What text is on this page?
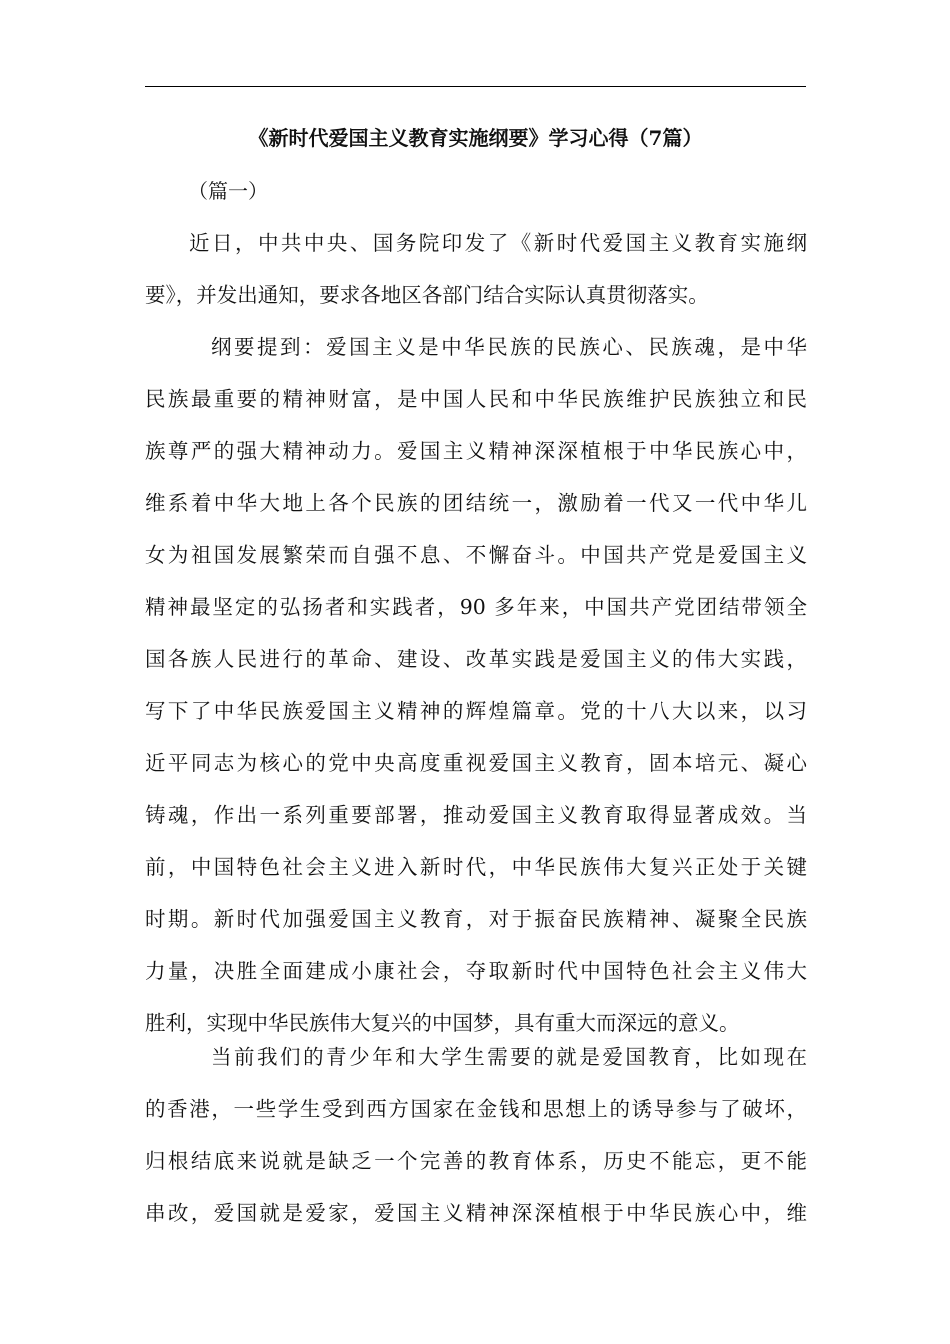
《新时代爱国主义教育实施纲要》学习心得（7篇）
（篇一）
近日，中共中央、国务院印发了《新时代爱国主义教育实施纲
要》，并发出通知，要求各地区各部门结合实际认真贯彻落实。
纲要提到：爱国主义是中华民族的民族心、民族魂，是中华
民族最重要的精神财富，是中国人民和中华民族维护民族独立和民
族尊严的强大精神动力。爱国主义精神深深植根于中华民族心中，
维系着中华大地上各个民族的团结统一，激励着一代又一代中华儿
女为祖国发展繁荣而自强不息、不懈奋斗。中国共产党是爱国主义
精神最坚定的弘扬者和实践者，90 多年来，中国共产党团结带领全
国各族人民进行的革命、建设、改革实践是爱国主义的伟大实践，
写下了中华民族爱国主义精神的辉煌篇章。党的十八大以来，以习
近平同志为核心的党中央高度重视爱国主义教育，固本培元、凝心
铸魂，作出一系列重要部署，推动爱国主义教育取得显著成效。当
前，中国特色社会主义进入新时代，中华民族伟大复兴正处于关键
时期。新时代加强爱国主义教育，对于振奋民族精神、凝聚全民族
力量，决胜全面建成小康社会，夺取新时代中国特色社会主义伟大
胜利，实现中华民族伟大复兴的中国梦，具有重大而深远的意义。
当前我们的青少年和大学生需要的就是爱国教育，比如现在
的香港，一些学生受到西方国家在金钱和思想上的诱导参与了破坏，
归根结底来说就是缺乏一个完善的教育体系，历史不能忘，更不能
串改，爱国就是爱家，爱国主义精神深深植根于中华民族心中，维
